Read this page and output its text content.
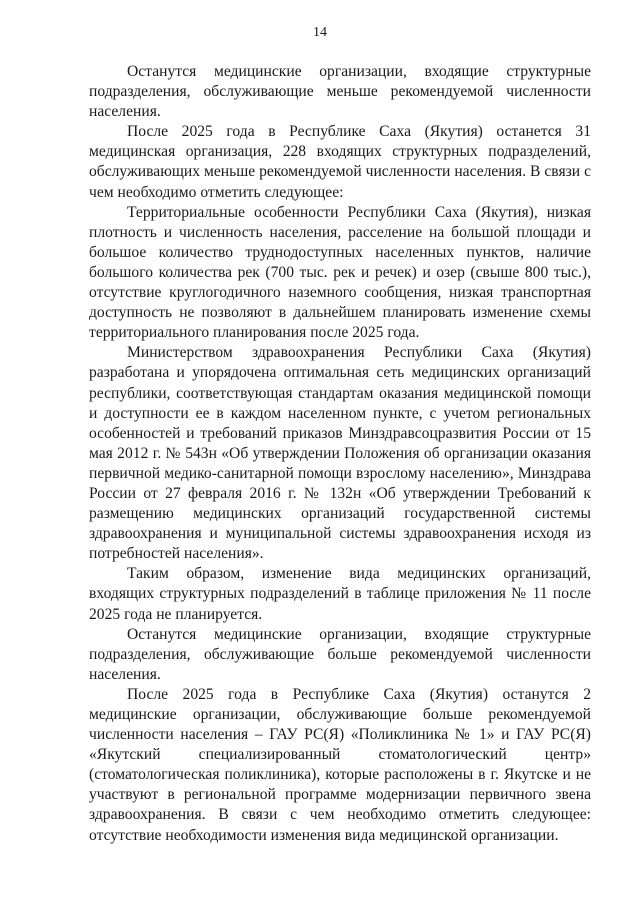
14

Останутся медицинские организации, входящие структурные подразделения, обслуживающие меньше рекомендуемой численности населения.

После 2025 года в Республике Саха (Якутия) останется 31 медицинская организация, 228 входящих структурных подразделений, обслуживающих меньше рекомендуемой численности населения. В связи с чем необходимо отметить следующее:

Территориальные особенности Республики Саха (Якутия), низкая плотность и численность населения, расселение на большой площади и большое количество труднодоступных населенных пунктов, наличие большого количества рек (700 тыс. рек и речек) и озер (свыше 800 тыс.), отсутствие круглогодичного наземного сообщения, низкая транспортная доступность не позволяют в дальнейшем планировать изменение схемы территориального планирования после 2025 года.

Министерством здравоохранения Республики Саха (Якутия) разработана и упорядочена оптимальная сеть медицинских организаций республики, соответствующая стандартам оказания медицинской помощи и доступности ее в каждом населенном пункте, с учетом региональных особенностей и требований приказов Минздравсоцразвития России от 15 мая 2012 г. № 543н «Об утверждении Положения об организации оказания первичной медико-санитарной помощи взрослому населению», Минздрава России от 27 февраля 2016 г. № 132н «Об утверждении Требований к размещению медицинских организаций государственной системы здравоохранения и муниципальной системы здравоохранения исходя из потребностей населения».

Таким образом, изменение вида медицинских организаций, входящих структурных подразделений в таблице приложения № 11 после 2025 года не планируется.

Останутся медицинские организации, входящие структурные подразделения, обслуживающие больше рекомендуемой численности населения.

После 2025 года в Республике Саха (Якутия) останутся 2 медицинские организации, обслуживающие больше рекомендуемой численности населения – ГАУ РС(Я) «Поликлиника № 1» и ГАУ РС(Я) «Якутский специализированный стоматологический центр» (стоматологическая поликлиника), которые расположены в г. Якутске и не участвуют в региональной программе модернизации первичного звена здравоохранения. В связи с чем необходимо отметить следующее: отсутствие необходимости изменения вида медицинской организации.
